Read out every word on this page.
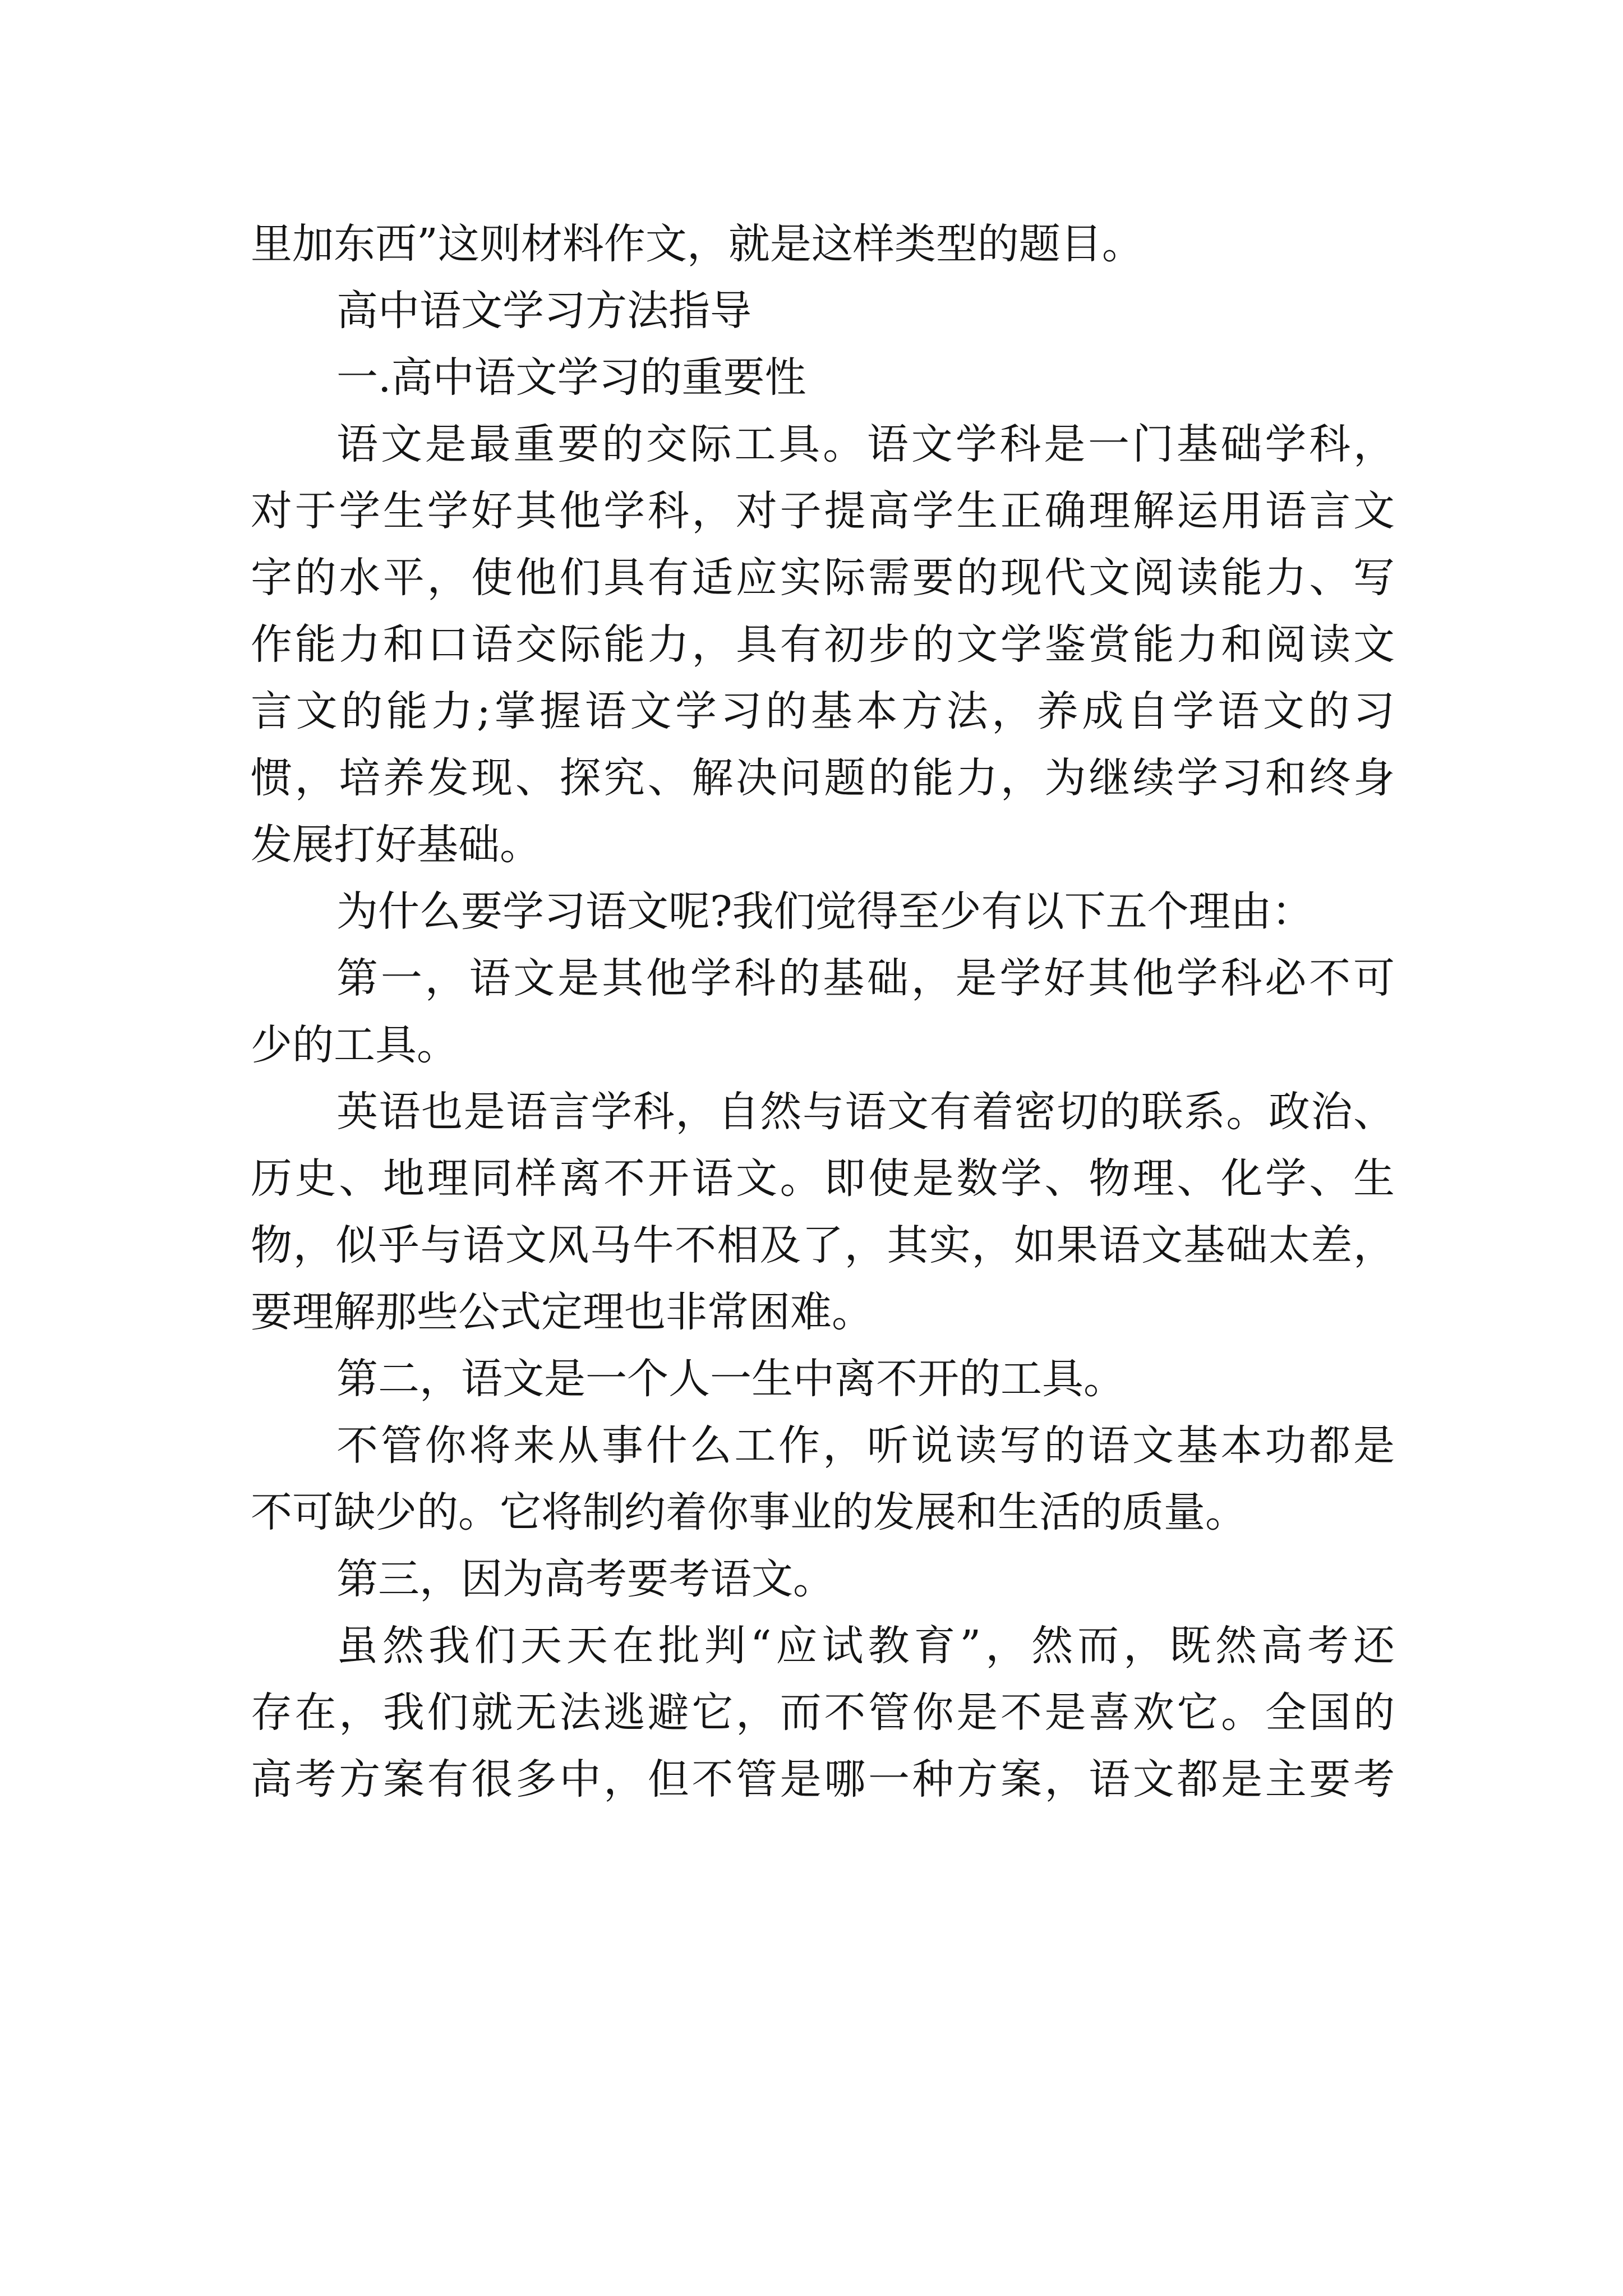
里加东西”这则材料作文，就是这样类型的题目。
高中语文学习方法指导
一.高中语文学习的重要性
语文是最重要的交际工具。语文学科是一门基础学科，
对于学生学好其他学科，对子提高学生正确理解运用语言文
字的水平，使他们具有适应实际需要的现代文阅读能力、写
作能力和口语交际能力，具有初步的文学鉴赏能力和阅读文
言文的能力;掌握语文学习的基本方法，养成自学语文的习
惯，培养发现、探究、解决问题的能力，为继续学习和终身
发展打好基础。
为什么要学习语文呢?我们觉得至少有以下五个理由：
第一，语文是其他学科的基础，是学好其他学科必不可
少的工具。
英语也是语言学科，自然与语文有着密切的联系。政治、
历史、地理同样离不开语文。即使是数学、物理、化学、生
物，似乎与语文风马牛不相及了，其实，如果语文基础太差，
要理解那些公式定理也非常困难。
第二，语文是一个人一生中离不开的工具。
不管你将来从事什么工作，听说读写的语文基本功都是
不可缺少的。它将制约着你事业的发展和生活的质量。
第三，因为高考要考语文。
虽然我们天天在批判“应试教育”，然而，既然高考还
存在，我们就无法逃避它，而不管你是不是喜欢它。全国的
高考方案有很多中，但不管是哪一种方案，语文都是主要考
